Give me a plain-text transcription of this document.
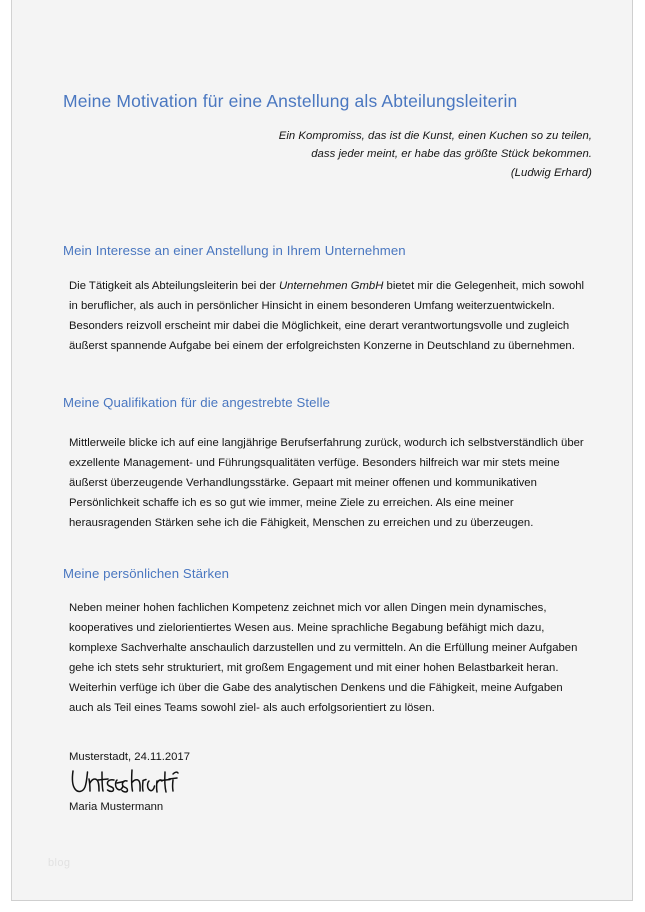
Meine Motivation für eine Anstellung als Abteilungsleiterin
Ein Kompromiss, das ist die Kunst, einen Kuchen so zu teilen,
dass jeder meint, er habe das größte Stück bekommen.
(Ludwig Erhard)
Mein Interesse an einer Anstellung in Ihrem Unternehmen

Die Tätigkeit als Abteilungsleiterin bei der Unternehmen GmbH bietet mir die Gelegenheit, mich sowohl in beruflicher, als auch in persönlicher Hinsicht in einem besonderen Umfang weiterzuentwickeln. Besonders reizvoll erscheint mir dabei die Möglichkeit, eine derart verantwortungsvolle und zugleich äußerst spannende Aufgabe bei einem der erfolgreichsten Konzerne in Deutschland zu übernehmen.

Meine Qualifikation für die angestrebte Stelle

Mittlerweile blicke ich auf eine langjährige Berufserfahrung zurück, wodurch ich selbstverständlich über exzellente Management- und Führungsqualitäten verfüge. Besonders hilfreich war mir stets meine äußerst überzeugende Verhandlungsstärke. Gepaart mit meiner offenen und kommunikativen Persönlichkeit schaffe ich es so gut wie immer, meine Ziele zu erreichen. Als eine meiner herausragenden Stärken sehe ich die Fähigkeit, Menschen zu erreichen und zu überzeugen.

Meine persönlichen Stärken

Neben meiner hohen fachlichen Kompetenz zeichnet mich vor allen Dingen mein dynamisches, kooperatives und zielorientiertes Wesen aus. Meine sprachliche Begabung befähigt mich dazu, komplexe Sachverhalte anschaulich darzustellen und zu vermitteln. An die Erfüllung meiner Aufgaben gehe ich stets sehr strukturiert, mit großem Engagement und mit einer hohen Belastbarkeit heran. Weiterhin verfüge ich über die Gabe des analytischen Denkens und die Fähigkeit, meine Aufgaben auch als Teil eines Teams sowohl ziel- als auch erfolgsorientiert zu lösen.

Musterstadt, 24.11.2017
Maria Mustermann
blog
